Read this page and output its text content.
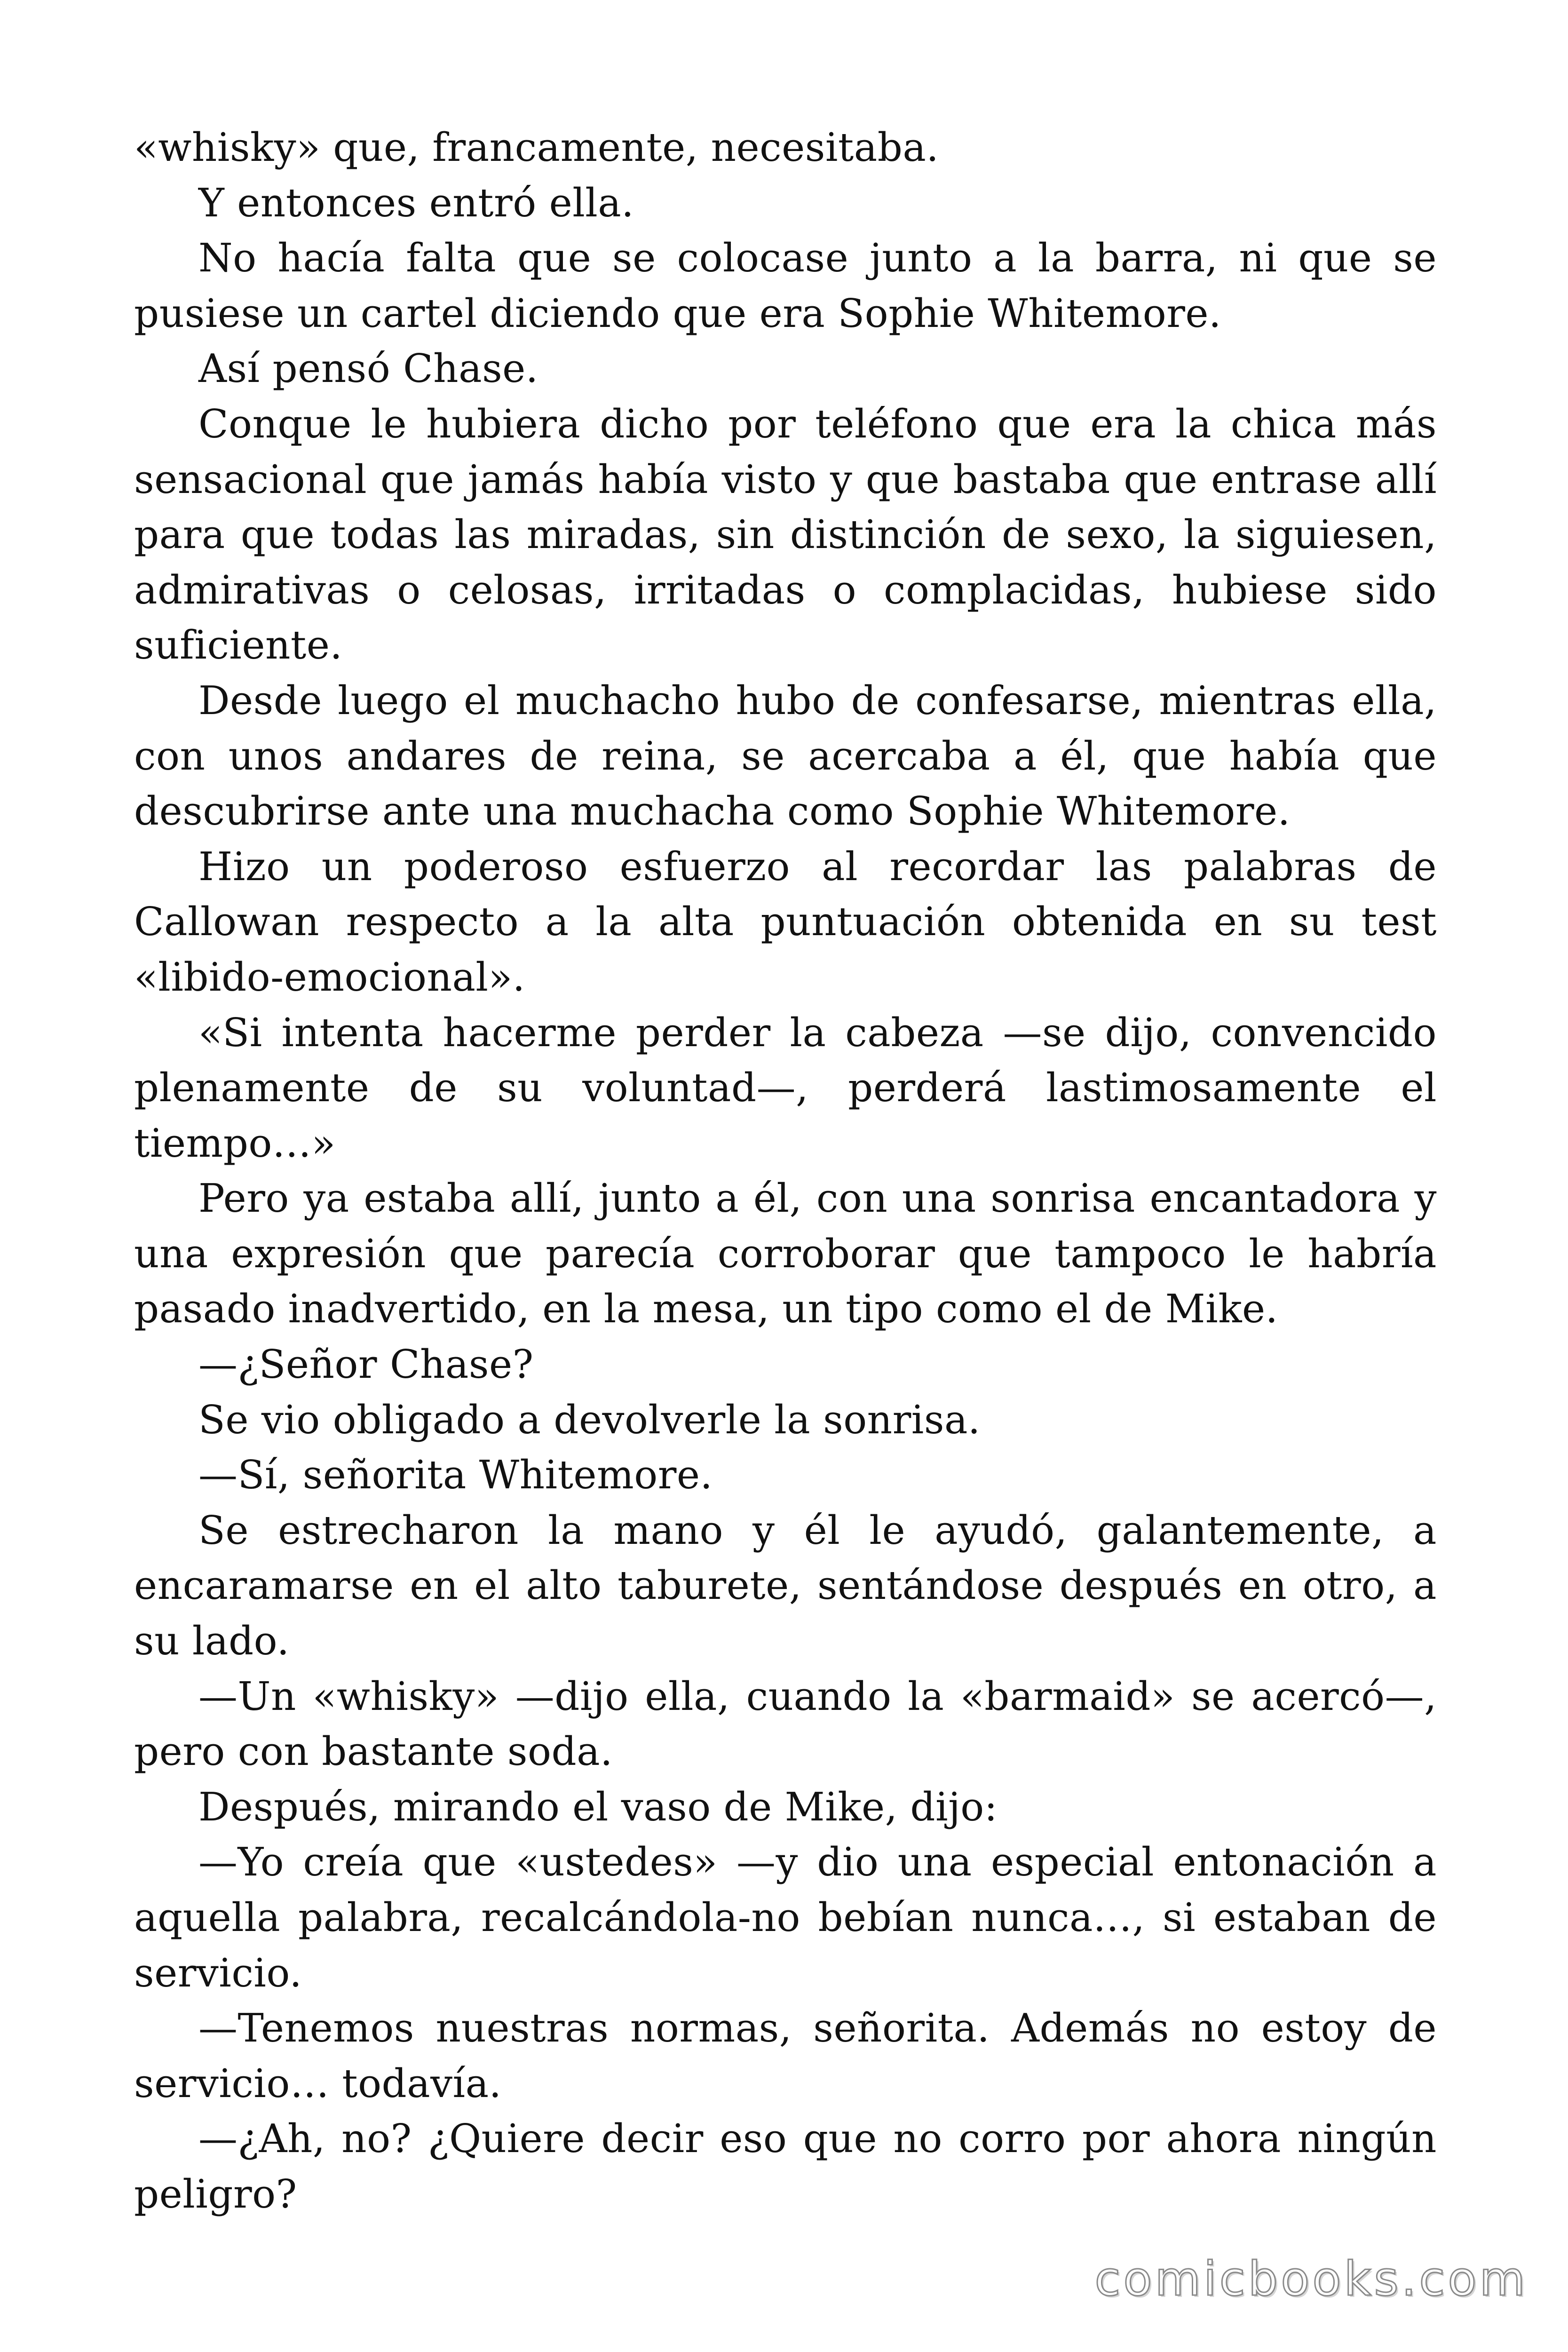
«whisky» que, francamente, necesitaba.

Y entonces entró ella.

No hacía falta que se colocase junto a la barra, ni que se pusiese un cartel diciendo que era Sophie Whitemore.

Así pensó Chase.

Conque le hubiera dicho por teléfono que era la chica más sensacional que jamás había visto y que bastaba que entrase allí para que todas las miradas, sin distinción de sexo, la siguiesen, admirativas o celosas, irritadas o complacidas, hubiese sido suficiente.

Desde luego el muchacho hubo de confesarse, mientras ella, con unos andares de reina, se acercaba a él, que había que descubrirse ante una muchacha como Sophie Whitemore.

Hizo un poderoso esfuerzo al recordar las palabras de Callowan respecto a la alta puntuación obtenida en su test «libido-emocional».

«Si intenta hacerme perder la cabeza —se dijo, convencido plenamente de su voluntad—, perderá lastimosamente el tiempo…»

Pero ya estaba allí, junto a él, con una sonrisa encantadora y una expresión que parecía corroborar que tampoco le habría pasado inadvertido, en la mesa, un tipo como el de Mike.

—¿Señor Chase?

Se vio obligado a devolverle la sonrisa.

—Sí, señorita Whitemore.

Se estrecharon la mano y él le ayudó, galantemente, a encaramarse en el alto taburete, sentándose después en otro, a su lado.

—Un «whisky» —dijo ella, cuando la «barmaid» se acercó—, pero con bastante soda.

Después, mirando el vaso de Mike, dijo:

—Yo creía que «ustedes» —y dio una especial entonación a aquella palabra, recalcándola-no bebían nunca…, si estaban de servicio.

—Tenemos nuestras normas, señorita. Además no estoy de servicio… todavía.

—¿Ah, no? ¿Quiere decir eso que no corro por ahora ningún peligro?

comicbooks.com
